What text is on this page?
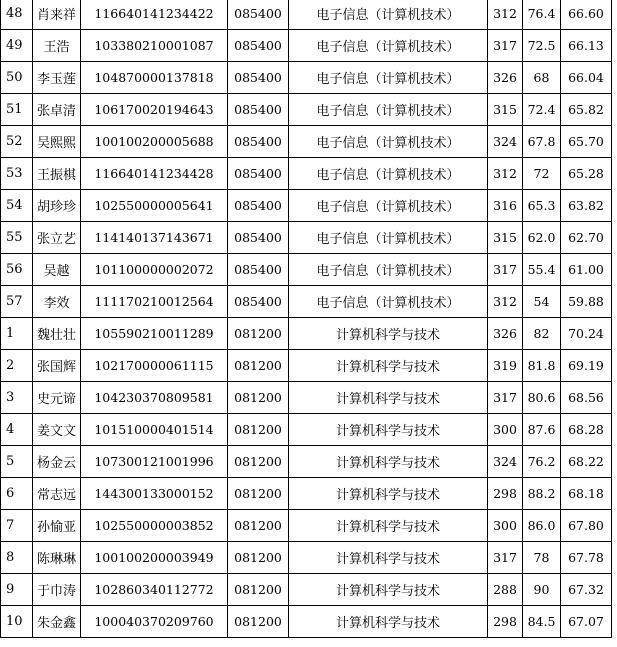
48	肖来祥	116640141234422	085400	电子信息（计算机技术）	312	76.4	66.60
49	王浩	103380210001087	085400	电子信息（计算机技术）	317	72.5	66.13
50	李玉莲	104870000137818	085400	电子信息（计算机技术）	326	68	66.04
51	张卓清	106170020194643	085400	电子信息（计算机技术）	315	72.4	65.82
52	吴熙熙	100100200005688	085400	电子信息（计算机技术）	324	67.8	65.70
53	王振棋	116640141234428	085400	电子信息（计算机技术）	312	72	65.28
54	胡珍珍	102550000005641	085400	电子信息（计算机技术）	316	65.3	63.82
55	张立艺	114140137143671	085400	电子信息（计算机技术）	315	62.0	62.70
56	吴越	101100000002072	085400	电子信息（计算机技术）	317	55.4	61.00
57	李效	111170210012564	085400	电子信息（计算机技术）	312	54	59.88
1	魏壮壮	105590210011289	081200	计算机科学与技术	326	82	70.24
2	张国辉	102170000061115	081200	计算机科学与技术	319	81.8	69.19
3	史元谛	104230370809581	081200	计算机科学与技术	317	80.6	68.56
4	姜文文	101510000401514	081200	计算机科学与技术	300	87.6	68.28
5	杨金云	107300121001996	081200	计算机科学与技术	324	76.2	68.22
6	常志远	144300133000152	081200	计算机科学与技术	298	88.2	68.18
7	孙愉亚	102550000003852	081200	计算机科学与技术	300	86.0	67.80
8	陈琳琳	100100200003949	081200	计算机科学与技术	317	78	67.78
9	于巾涛	102860340112772	081200	计算机科学与技术	288	90	67.32
10	朱金鑫	100040370209760	081200	计算机科学与技术	298	84.5	67.07
